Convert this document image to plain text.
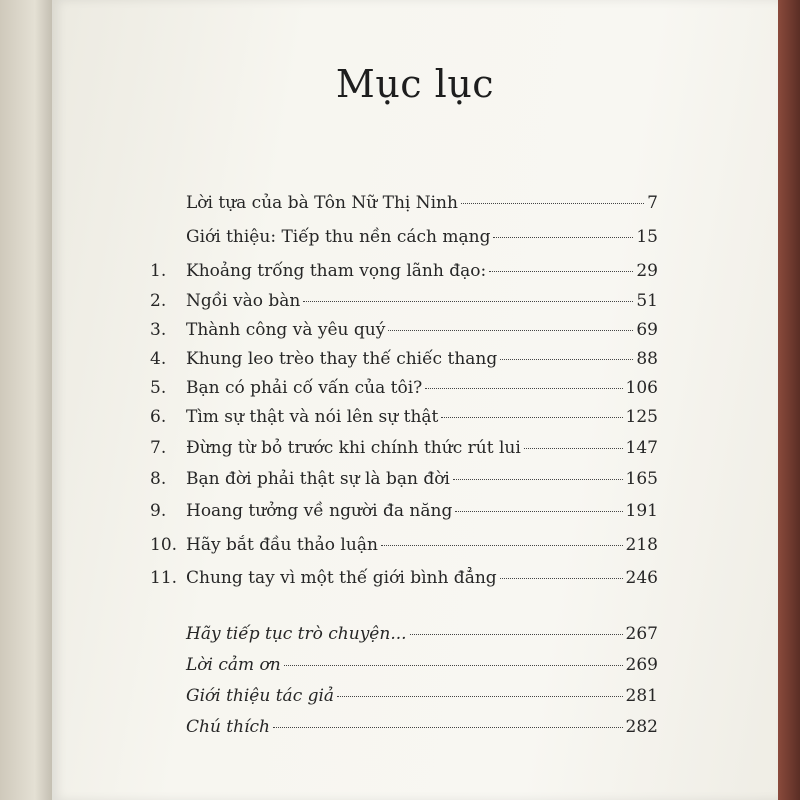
Mục lục
Lời tựa của bà Tôn Nữ Thị Ninh	7
Giới thiệu: Tiếp thu nền cách mạng	15
1.	Khoảng trống tham vọng lãnh đạo:	29
2.	Ngồi vào bàn	51
3.	Thành công và yêu quý	69
4.	Khung leo trèo thay thế chiếc thang	88
5.	Bạn có phải cố vấn của tôi?	106
6.	Tìm sự thật và nói lên sự thật	125
7.	Đừng từ bỏ trước khi chính thức rút lui	147
8.	Bạn đời phải thật sự là bạn đời	165
9.	Hoang tưởng về người đa năng	191
10. Hãy bắt đầu thảo luận	218
11. Chung tay vì một thế giới bình đẳng	246
Hãy tiếp tục trò chuyện...	267
Lời cảm ơn	269
Giới thiệu tác giả	281
Chú thích	282
